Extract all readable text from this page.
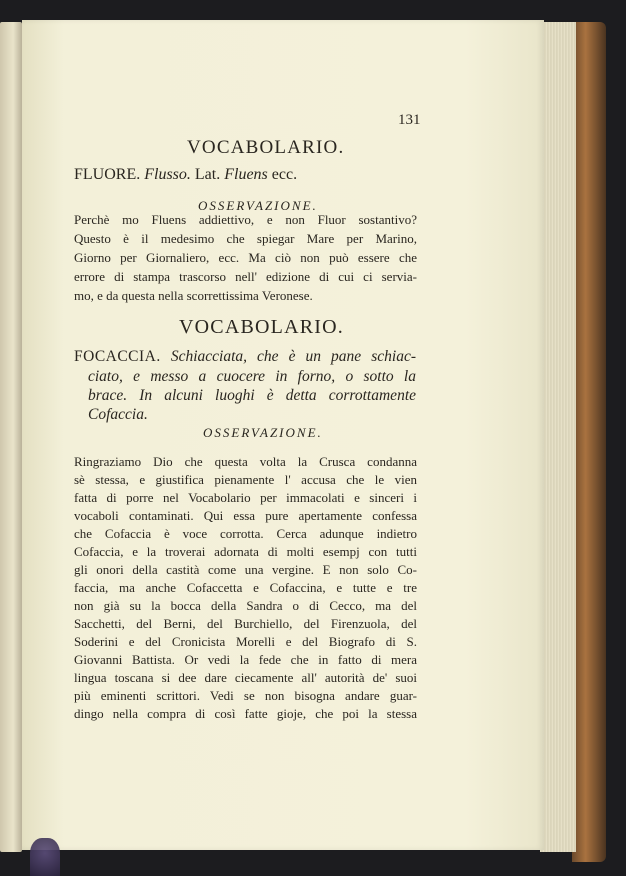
131
VOCABOLARIO.
FLUORE. Flusso. Lat. Fluens ecc.
OSSERVAZIONE.
Perchè mo Fluens addiettivo, e non Fluor sostantivo?
Questo è il medesimo che spiegar Mare per Marino,
Giorno per Giornaliero, ecc. Ma ciò non può essere che
errore di stampa trascorso nell' edizione di cui ci servia-
mo, e da questa nella scorrettissima Veronese.
VOCABOLARIO.
FOCACCIA. Schiacciata, che è un pane schiac-
ciato, e messo a cuocere in forno, o sotto la
brace. In alcuni luoghi è detta corrottamente
Cofaccia.
OSSERVAZIONE.
Ringraziamo Dio che questa volta la Crusca condanna
sè stessa, e giustifica pienamente l' accusa che le vien
fatta di porre nel Vocabolario per immacolati e sinceri i
vocaboli contaminati. Qui essa pure apertamente confessa
che Cofaccia è voce corrotta. Cerca adunque indietro
Cofaccia, e la troverai adornata di molti esempj con tutti
gli onori della castità come una vergine. E non solo Co-
faccia, ma anche Cofaccetta e Cofaccina, e tutte e tre
non già su la bocca della Sandra o di Cecco, ma del
Sacchetti, del Berni, del Burchiello, del Firenzuola, del
Soderini e del Cronicista Morelli e del Biografo di S.
Giovanni Battista. Or vedi la fede che in fatto di mera
lingua toscana si dee dare ciecamente all' autorità de' suoi
più eminenti scrittori. Vedi se non bisogna andare guar-
dingo nella compra di così fatte gioje, che poi la stessa
